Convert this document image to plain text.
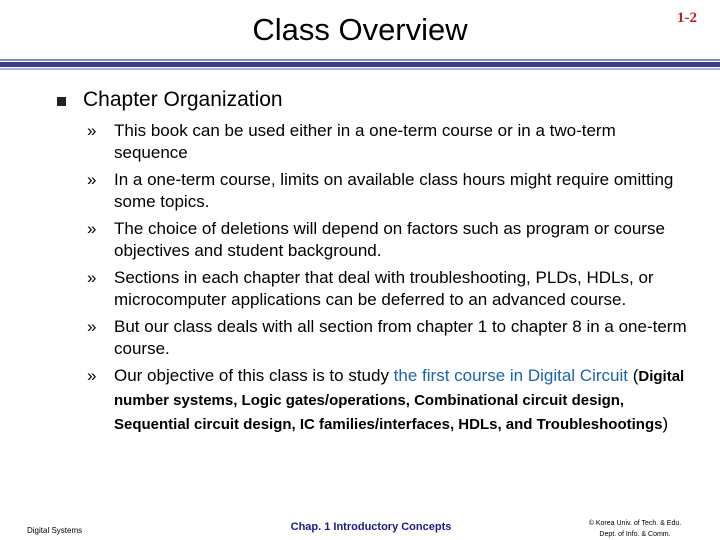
Class Overview	1-2
Chapter Organization
» This book can be used either in a one-term course or in a two-term sequence
» In a one-term course, limits on available class hours might require omitting some topics.
» The choice of deletions will depend on factors such as program or course objectives and student background.
» Sections in each chapter that deal with troubleshooting, PLDs, HDLs, or microcomputer applications can be deferred to an advanced course.
» But our class deals with all section from chapter 1 to chapter 8 in a one-term course.
» Our objective of this class is to study the first course in Digital Circuit (Digital number systems, Logic gates/operations, Combinational circuit design, Sequential circuit design, IC families/interfaces, HDLs, and Troubleshootings)
Digital Systems	Chap. 1 Introductory Concepts	© Korea Univ. of Tech. & Edu.
Dept. of Info. & Comm.
